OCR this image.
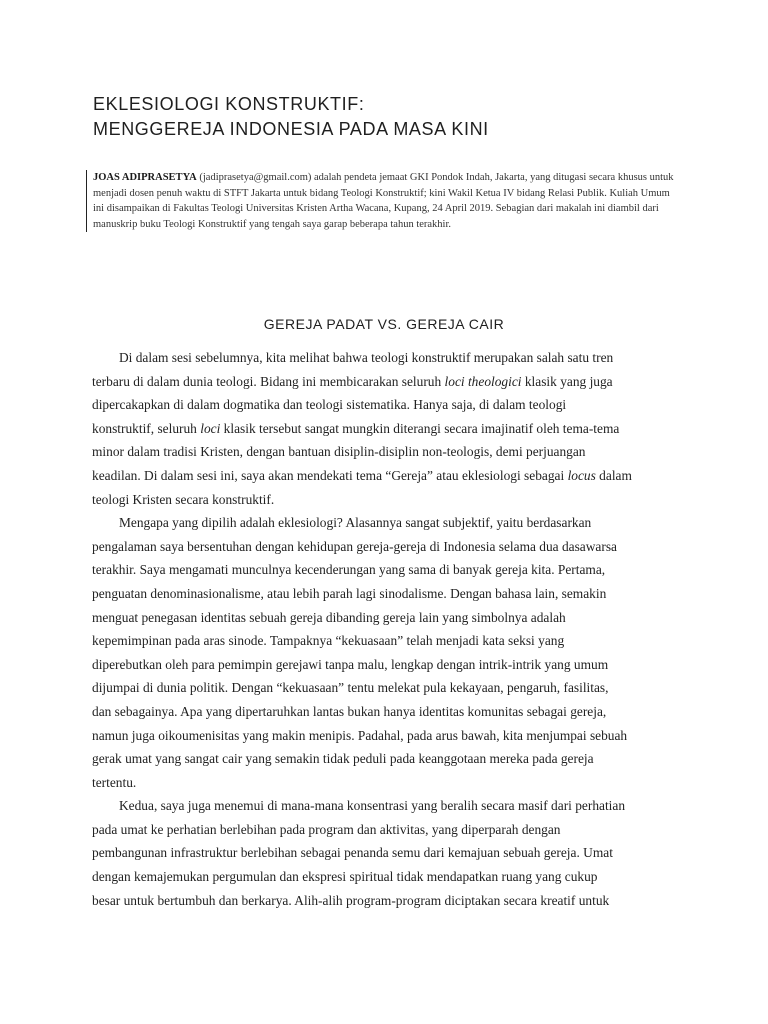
EKLESIOLOGI KONSTRUKTIF:
MENGGEREJA INDONESIA PADA MASA KINI
JOAS ADIPRASETYA (jadiprasetya@gmail.com) adalah pendeta jemaat GKI Pondok Indah, Jakarta, yang ditugasi secara khusus untuk menjadi dosen penuh waktu di STFT Jakarta untuk bidang Teologi Konstruktif; kini Wakil Ketua IV bidang Relasi Publik. Kuliah Umum ini disampaikan di Fakultas Teologi Universitas Kristen Artha Wacana, Kupang, 24 April 2019. Sebagian dari makalah ini diambil dari manuskrip buku Teologi Konstruktif yang tengah saya garap beberapa tahun terakhir.
GEREJA PADAT VS. GEREJA CAIR
Di dalam sesi sebelumnya, kita melihat bahwa teologi konstruktif merupakan salah satu tren
terbaru di dalam dunia teologi. Bidang ini membicarakan seluruh loci theologici klasik yang juga
dipercakapkan di dalam dogmatika dan teologi sistematika. Hanya saja, di dalam teologi
konstruktif, seluruh loci klasik tersebut sangat mungkin diterangi secara imajinatif oleh tema-tema
minor dalam tradisi Kristen, dengan bantuan disiplin-disiplin non-teologis, demi perjuangan
keadilan. Di dalam sesi ini, saya akan mendekati tema “Gereja” atau eklesiologi sebagai locus dalam
teologi Kristen secara konstruktif.
Mengapa yang dipilih adalah eklesiologi? Alasannya sangat subjektif, yaitu berdasarkan
pengalaman saya bersentuhan dengan kehidupan gereja-gereja di Indonesia selama dua dasawarsa
terakhir. Saya mengamati munculnya kecenderungan yang sama di banyak gereja kita. Pertama,
penguatan denominasionalisme, atau lebih parah lagi sinodalisme. Dengan bahasa lain, semakin
menguat penegasan identitas sebuah gereja dibanding gereja lain yang simbolnya adalah
kepemimpinan pada aras sinode. Tampaknya “kekuasaan” telah menjadi kata seksi yang
diperebutkan oleh para pemimpin gerejawi tanpa malu, lengkap dengan intrik-intrik yang umum
dijumpai di dunia politik. Dengan “kekuasaan” tentu melekat pula kekayaan, pengaruh, fasilitas,
dan sebagainya. Apa yang dipertaruhkan lantas bukan hanya identitas komunitas sebagai gereja,
namun juga oikoumenisitas yang makin menipis. Padahal, pada arus bawah, kita menjumpai sebuah
gerak umat yang sangat cair yang semakin tidak peduli pada keanggotaan mereka pada gereja
tertentu.
Kedua, saya juga menemui di mana-mana konsentrasi yang beralih secara masif dari perhatian
pada umat ke perhatian berlebihan pada program dan aktivitas, yang diperparah dengan
pembangunan infrastruktur berlebihan sebagai penanda semu dari kemajuan sebuah gereja. Umat
dengan kemajemukan pergumulan dan ekspresi spiritual tidak mendapatkan ruang yang cukup
besar untuk bertumbuh dan berkarya. Alih-alih program-program diciptakan secara kreatif untuk
